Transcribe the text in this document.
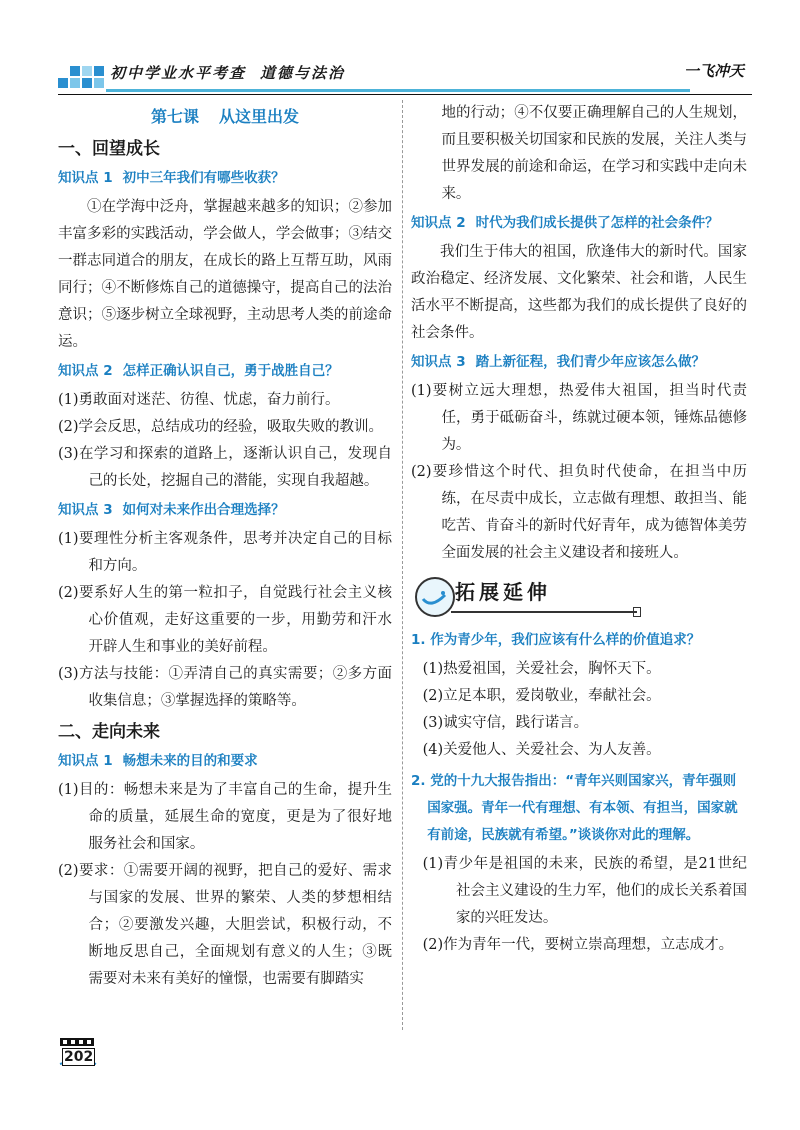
初中学业水平考查 道德与法治	一飞冲天
第七课 从这里出发
一、回望成长
知识点 1 初中三年我们有哪些收获？

①在学海中泛舟，掌握越来越多的知识；②参加丰富多彩的实践活动，学会做人，学会做事；③结交一群志同道合的朋友，在成长的路上互帮互助，风雨同行；④不断修炼自己的道德操守，提高自己的法治意识；⑤逐步树立全球视野，主动思考人类的前途命运。

知识点 2 怎样正确认识自己，勇于战胜自己？

(1)勇敢面对迷茫、彷徨、忧虑，奋力前行。

(2)学会反思，总结成功的经验，吸取失败的教训。

(3)在学习和探索的道路上，逐渐认识自己，发现自己的长处，挖掘自己的潜能，实现自我超越。

知识点 3 如何对未来作出合理选择？

(1)要理性分析主客观条件，思考并决定自己的目标和方向。

(2)要系好人生的第一粒扣子，自觉践行社会主义核心价值观，走好这重要的一步，用勤劳和汗水开辟人生和事业的美好前程。

(3)方法与技能：①弄清自己的真实需要；②多方面收集信息；③掌握选择的策略等。

二、走向未来
知识点 1 畅想未来的目的和要求

(1)目的：畅想未来是为了丰富自己的生命，提升生命的质量，延展生命的宽度，更是为了很好地服务社会和国家。

(2)要求：①需要开阔的视野，把自己的爱好、需求与国家的发展、世界的繁荣、人类的梦想相结合；②要激发兴趣，大胆尝试，积极行动，不断地反思自己，全面规划有意义的人生；③既需要对未来有美好的憧憬，也需要有脚踏实

地的行动；④不仅要正确理解自己的人生规划，而且要积极关切国家和民族的发展，关注人类与世界发展的前途和命运，在学习和实践中走向未来。

知识点 2 时代为我们成长提供了怎样的社会条件？

我们生于伟大的祖国，欣逢伟大的新时代。国家政治稳定、经济发展、文化繁荣、社会和谐，人民生活水平不断提高，这些都为我们的成长提供了良好的社会条件。

知识点 3 踏上新征程，我们青少年应该怎么做？

(1)要树立远大理想，热爱伟大祖国，担当时代责任，勇于砥砺奋斗，练就过硬本领，锤炼品德修为。

(2)要珍惜这个时代、担负时代使命，在担当中历练，在尽责中成长，立志做有理想、敢担当、能吃苦、肯奋斗的新时代好青年，成为德智体美劳全面发展的社会主义建设者和接班人。

拓展延伸
1. 作为青少年，我们应该有什么样的价值追求？

(1)热爱祖国，关爱社会，胸怀天下。

(2)立足本职，爱岗敬业，奉献社会。

(3)诚实守信，践行诺言。

(4)关爱他人、关爱社会、为人友善。

2. 党的十九大报告指出：“青年兴则国家兴，青年强则国家强。青年一代有理想、有本领、有担当，国家就有前途，民族就有希望。”谈谈你对此的理解。

(1)青少年是祖国的未来，民族的希望，是21世纪社会主义建设的生力军，他们的成长关系着国家的兴旺发达。

(2)作为青年一代，要树立崇高理想，立志成才。

202
